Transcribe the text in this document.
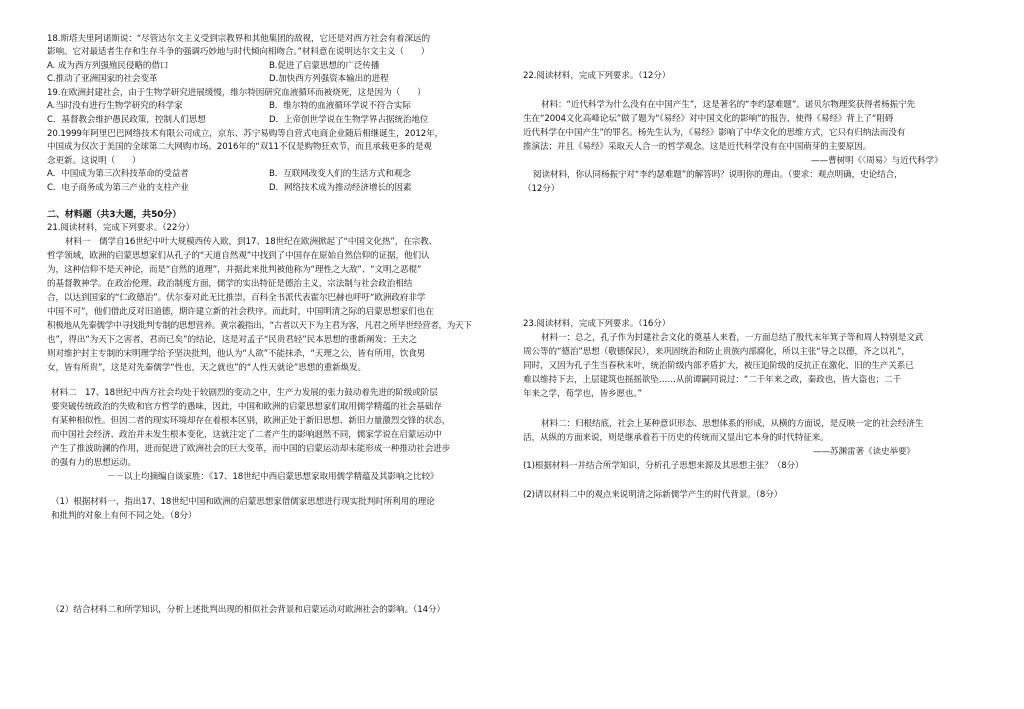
18.斯塔夫里阿诺斯说：“尽管达尔文主义受到宗教界和其他集团的敌视，它还是对西方社会有着深远的
影响。它对最适者生存和生存斗争的强调巧妙地与时代倾向相吻合。”材料意在说明达尔文主义（　　）
A. 成为西方列强殖民侵略的借口	B.促进了启蒙思想的广泛传播
C.推动了亚洲国家的社会变革	D.加快西方列强资本输出的进程
19.在欧洲封建社会，由于生物学研究进展缓慢，维尔特因研究血液循环而被烧死，这是因为（　　）
A.当时没有进行生物学研究的科学家	B．维尔特的血液循环学说不符合实际
C．基督教会维护愚民政策，控制人们思想	D．上帝创世学说在生物学界占据统治地位
20.1999年阿里巴巴网络技术有限公司成立，京东、苏宁易购等自营式电商企业随后相继诞生，2012年，
中国成为仅次于美国的全球第二大网购市场。2016年的“双11不仅是购物狂欢节，而且承载更多的是观
念更新。这说明（　　）
A．中国成为第三次科技革命的受益者	B．互联网改变人们的生活方式和观念
C．电子商务成为第三产业的支柱产业	D．网络技术成为推动经济增长的因素
二、材料题（共3大题，共50分）
21.阅读材料，完成下列要求。（22分）
材料一　儒学自16世纪中叶大规模西传入欧，到17、18世纪在欧洲掀起了“中国文化热”，在宗教、
哲学领域，欧洲的启蒙思想家们从孔子的“天道自然观”中找到了中国存在原始自然信仰的证据，他们认
为，这种信仰不是天神论，而是“自然的道理”，并据此来批判被他称为“理性之大敌”、“文明之恶棍”
的基督教神学。在政治伦理、政治制度方面，儒学的实出特征是德治主义，宗法制与社会政治相结
合，以达到国家的“仁政德治”。伏尔泰对此无比推崇，百科全书派代表霍尔巴赫也呼吁“欧洲政府非学
中国不可”，他们借此反对旧道德，期许建立新的社会秩序。而此时，中国明清之际的启蒙思想家们也在
积极地从先秦儒学中寻找批判专制的思想营养。黄宗羲指出，“古者以天下为主君为客，凡君之所毕世经营者，为天下
也”，得出“为天下之害者，君而已矣”的结论，这是对孟子“民贵君轻”民本思想的重新阐发；王夫之
则对维护封主专制的宋明理学给予坚决批判，他认为“人欲”不能抹杀，“天理之公，皆有所用，饮食男
女，皆有所贵”，这是对先秦儒学“性也，天之就也”的“人性天就论”思想的重新焕发。
材料二　17、18世纪中西方社会均处于较剧烈的变动之中，生产力发展的张力鼓动着先进的阶级或阶层
要突破传统政治的失败和官方哲学的愚味，因此，中国和欧洲的启蒙思想家们取用儒学精蕴的社会基础存
有某种相似性。但因二者的现实环境却存在着根本区别，欧洲正处于新旧思想、新旧力量激烈交锋的状态，
而中国社会经济、政治并未发生根本变化，这就注定了二者产生的影响迥然不同，儒家学说在启蒙运动中
产生了推波助澜的作用，进而促进了欧洲社会的巨大变革，而中国的启蒙运动却未能形成一种推动社会进步
的强有力的思想运动。
－－以上均摘编自谈家胜：《17、18世纪中西启蒙思想家取用儒学精蕴及其影响之比较》
（1）根据材料一，指出17、18世纪中国和欧洲的启蒙思想家借儒家思想进行现实批判时所利用的理论
和批判的对象上有何不同之处。（8分）
（2）结合材料二和所学知识，分析上述批判出现的相似社会背景和启蒙运动对欧洲社会的影响。（14分）
22.阅读材料，完成下列要求。（12分）
材料：“近代科学为什么没有在中国产生”，这是著名的“李约瑟难题”。诺贝尔物理奖获得者杨振宁先
生在“2004文化高峰论坛”做了题为“《易经》对中国文化的影响”的报告，使得《易经》背上了“阻碍
近代科学在中国产生”的罪名。杨先生认为，《易经》影响了中华文化的思维方式，它只有归纳法而没有
推演法；并且《易经》采取天人合一的哲学观念。这是近代科学没有在中国萌芽的主要原因。
——曹树明《〈周易〉与近代科学》
阅读材料，你认同杨振宁对“李约瑟难题”的解答吗？说明你的理由。（要求：观点明确，史论结合，
（12分）
23.阅读材料，完成下列要求。（16分）
材料一：总之，孔子作为封建社会文化的奠基人来看，一方面总结了殷代末年箕子等和周人特别是文武
周公等的“德治”思想（敬德保民），来巩固统治和防止贵族内部腐化，所以主张“导之以德，齐之以礼”，
同时，又因为孔子生当春秋末叶，统治阶级内部矛盾扩大，被压迫阶级的反抗正在激化，旧的生产关系已
难以维持下去，上层建筑也摇摇欲坠……从前谭嗣同说过：“二千年来之政，秦政也，皆大盗也；二千
年来之学，荀学也，皆乡愿也。”
材料二：归根结底，社会上某种意识形态、思想体系的形成，从横的方面说，是反映一定的社会经济生
活，从纵的方面来说，则是继承着若干历史的传统而又显出它本身的时代特征来。
——苏渊雷著《读史举要》
(1)根据材料一并结合所学知识，分析孔子思想来源及其思想主张？（8分）
(2)请以材料二中的观点来说明清之际新儒学产生的时代背景。（8分）
